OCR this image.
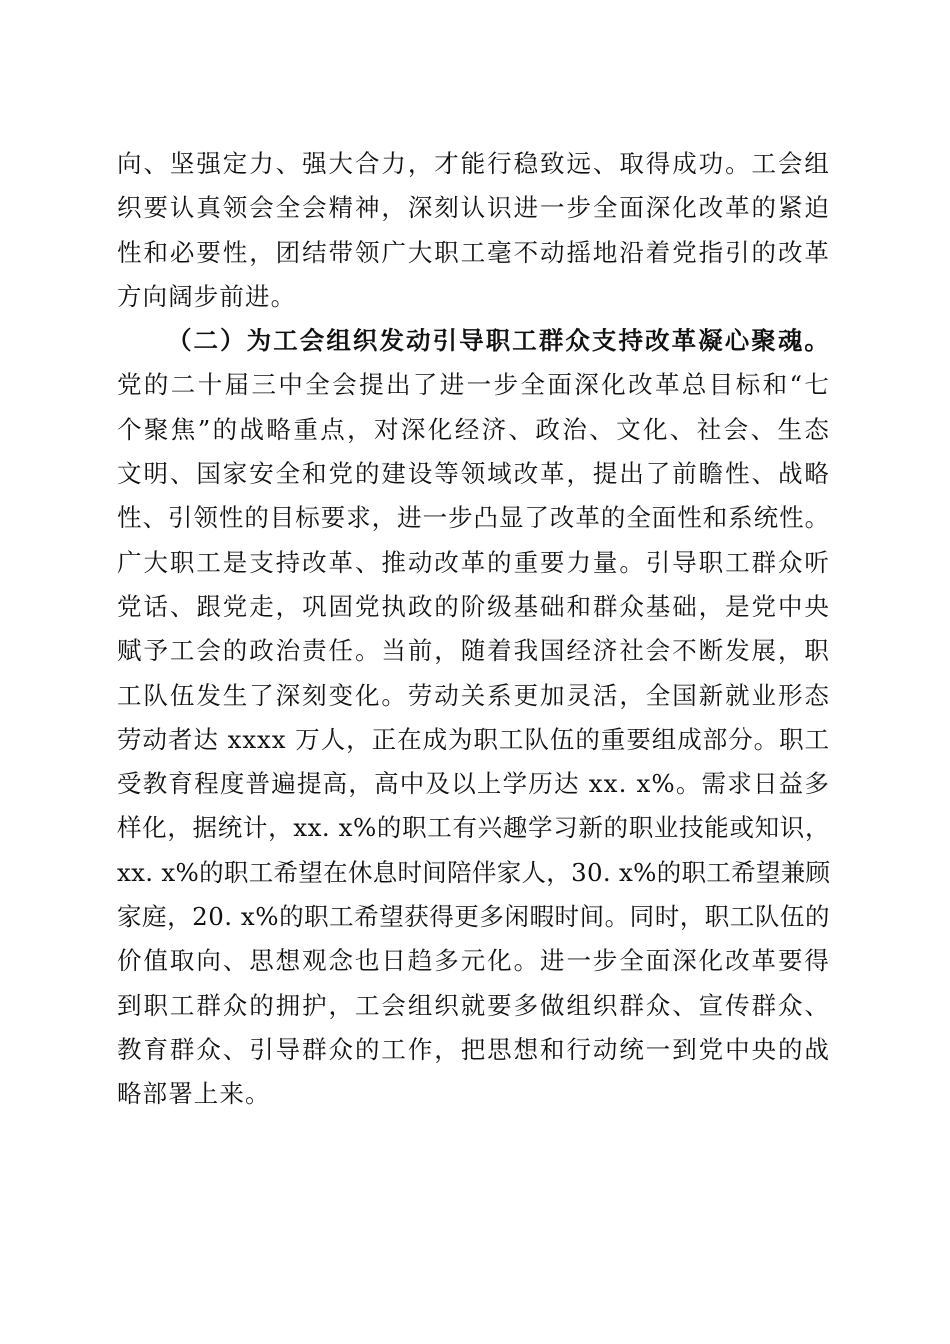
向、坚强定力、强大合力，才能行稳致远、取得成功。工会组
织要认真领会全会精神，深刻认识进一步全面深化改革的紧迫
性和必要性，团结带领广大职工毫不动摇地沿着党指引的改革
方向阔步前进。
（二）为工会组织发动引导职工群众支持改革凝心聚魂。
党的二十届三中全会提出了进一步全面深化改革总目标和“七
个聚焦”的战略重点，对深化经济、政治、文化、社会、生态
文明、国家安全和党的建设等领域改革，提出了前瞻性、战略
性、引领性的目标要求，进一步凸显了改革的全面性和系统性。
广大职工是支持改革、推动改革的重要力量。引导职工群众听
党话、跟党走，巩固党执政的阶级基础和群众基础，是党中央
赋予工会的政治责任。当前，随着我国经济社会不断发展，职
工队伍发生了深刻变化。劳动关系更加灵活，全国新就业形态
劳动者达 xxxx 万人，正在成为职工队伍的重要组成部分。职工
受教育程度普遍提高，高中及以上学历达 xx. x%。需求日益多
样化，据统计，xx. x%的职工有兴趣学习新的职业技能或知识，
xx. x%的职工希望在休息时间陪伴家人，30. x%的职工希望兼顾
家庭，20. x%的职工希望获得更多闲暇时间。同时，职工队伍的
价值取向、思想观念也日趋多元化。进一步全面深化改革要得
到职工群众的拥护，工会组织就要多做组织群众、宣传群众、
教育群众、引导群众的工作，把思想和行动统一到党中央的战
略部署上来。
